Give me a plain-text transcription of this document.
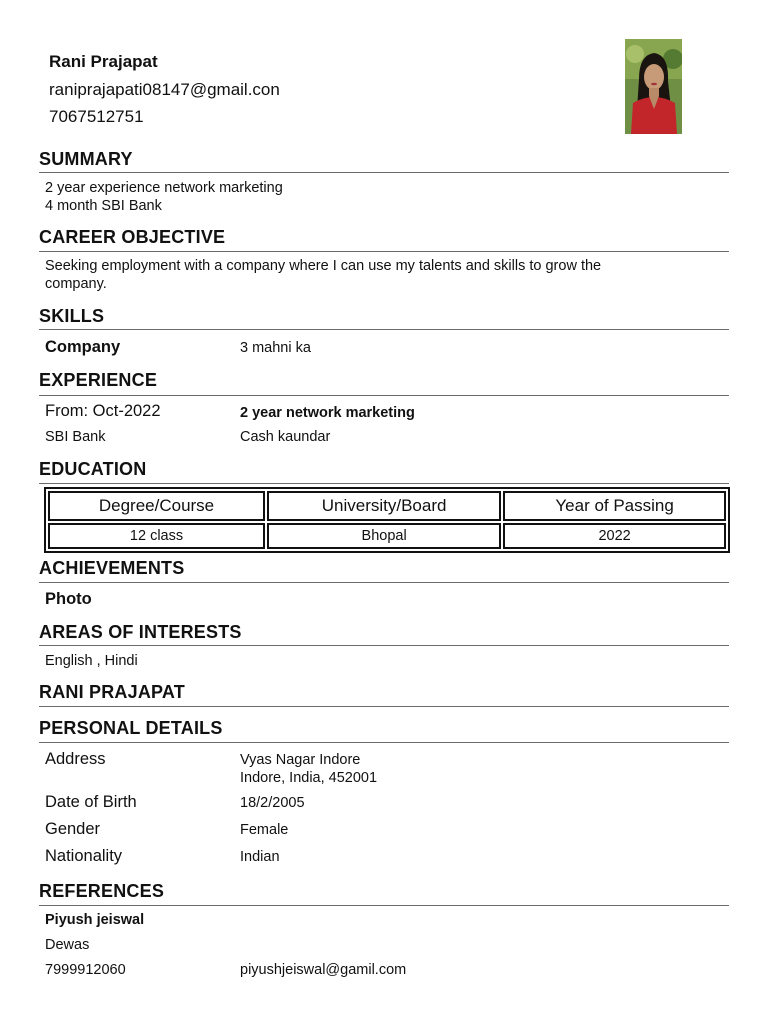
Rani Prajapat
raniprajapati08147@gmail.con
7067512751
SUMMARY
2 year experience network marketing
4 month SBI Bank
CAREER OBJECTIVE
Seeking employment with a company where I can use my talents and skills to grow the
company.
SKILLS
Company	3 mahni ka
EXPERIENCE
From: Oct-2022	2 year network marketing
SBI Bank	Cash kaundar
EDUCATION
Degree/Course	University/Board	Year of Passing
12 class	Bhopal	2022
ACHIEVEMENTS
Photo
AREAS OF INTERESTS
English , Hindi
RANI PRAJAPAT
PERSONAL DETAILS
Address	Vyas Nagar Indore
Indore, India, 452001
Date of Birth	18/2/2005
Gender	Female
Nationality	Indian
REFERENCES
Piyush jeiswal
Dewas
7999912060	piyushjeiswal@gamil.com
